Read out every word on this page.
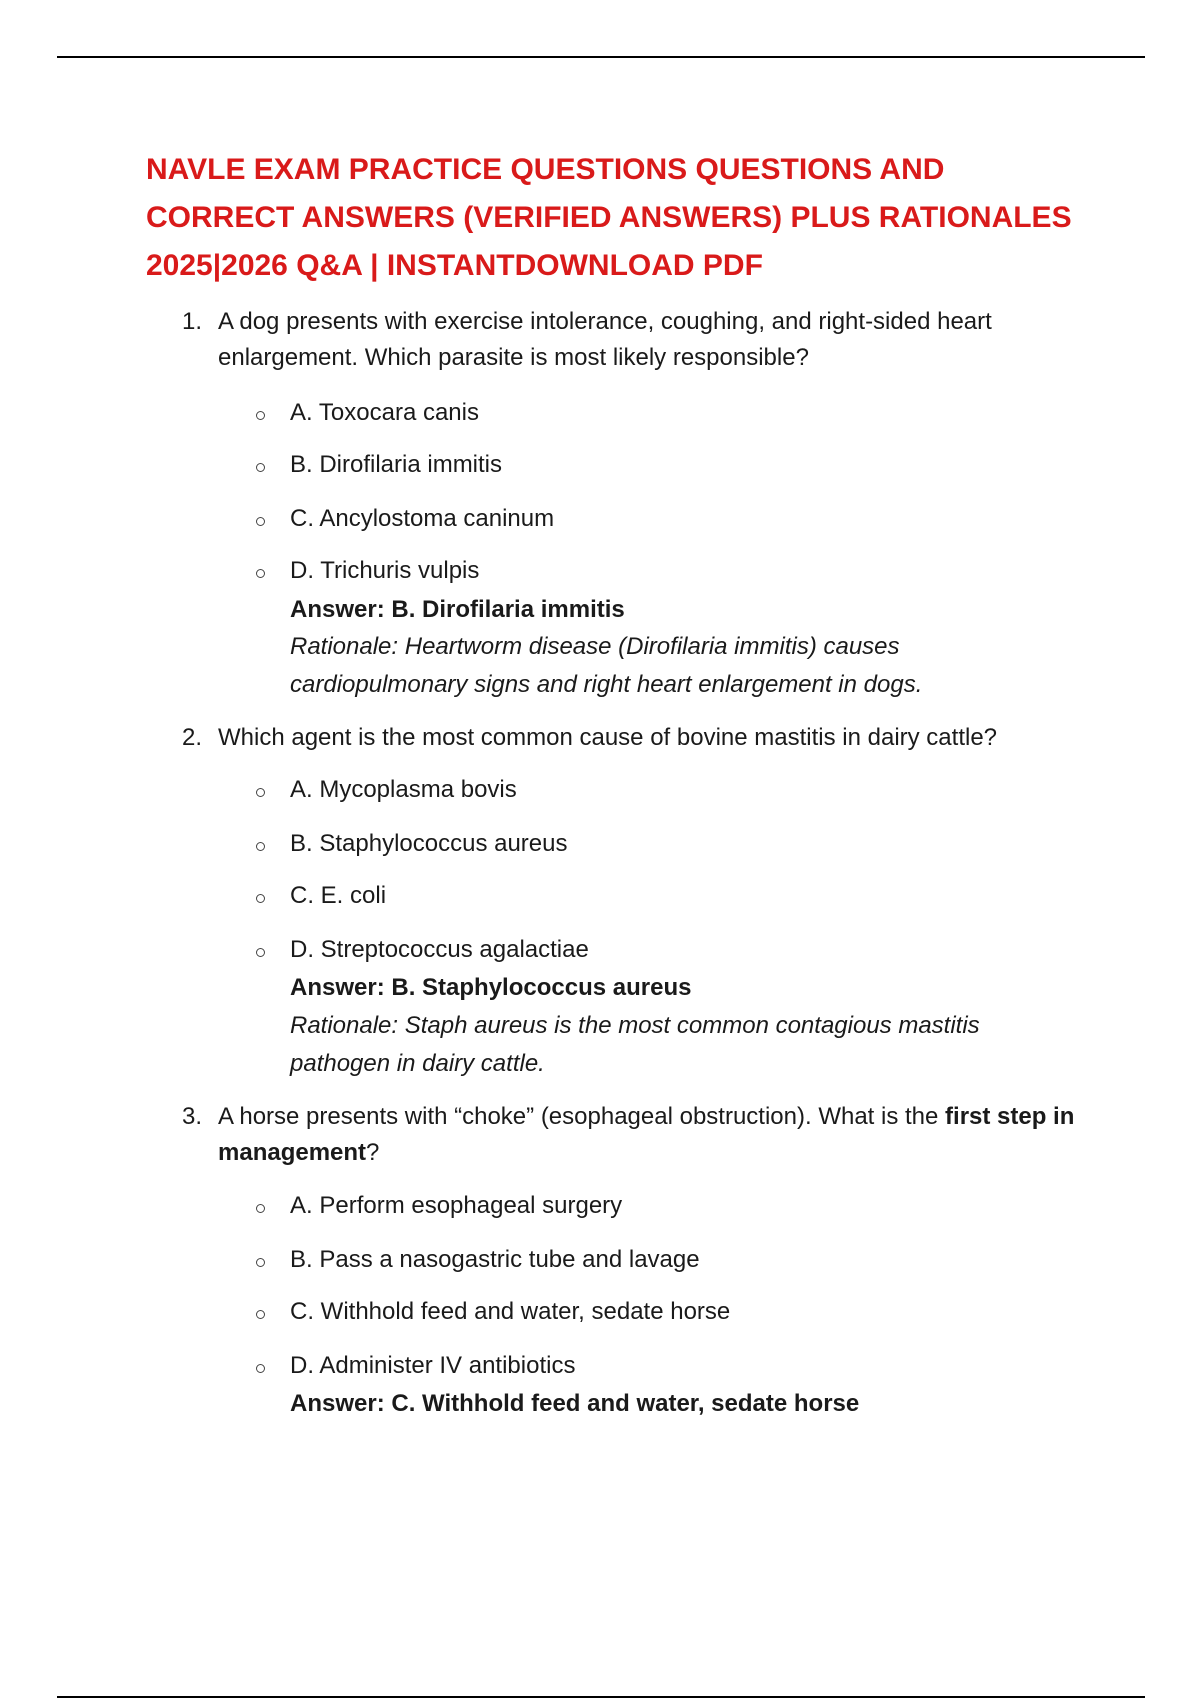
NAVLE EXAM PRACTICE QUESTIONS QUESTIONS AND CORRECT ANSWERS (VERIFIED ANSWERS) PLUS RATIONALES 2025|2026 Q&A | INSTANTDOWNLOAD PDF
1. A dog presents with exercise intolerance, coughing, and right-sided heart enlargement. Which parasite is most likely responsible?
A. Toxocara canis
B. Dirofilaria immitis
C. Ancylostoma caninum
D. Trichuris vulpis
Answer: B. Dirofilaria immitis
Rationale: Heartworm disease (Dirofilaria immitis) causes cardiopulmonary signs and right heart enlargement in dogs.
2. Which agent is the most common cause of bovine mastitis in dairy cattle?
A. Mycoplasma bovis
B. Staphylococcus aureus
C. E. coli
D. Streptococcus agalactiae
Answer: B. Staphylococcus aureus
Rationale: Staph aureus is the most common contagious mastitis pathogen in dairy cattle.
3. A horse presents with “choke” (esophageal obstruction). What is the first step in management?
A. Perform esophageal surgery
B. Pass a nasogastric tube and lavage
C. Withhold feed and water, sedate horse
D. Administer IV antibiotics
Answer: C. Withhold feed and water, sedate horse
